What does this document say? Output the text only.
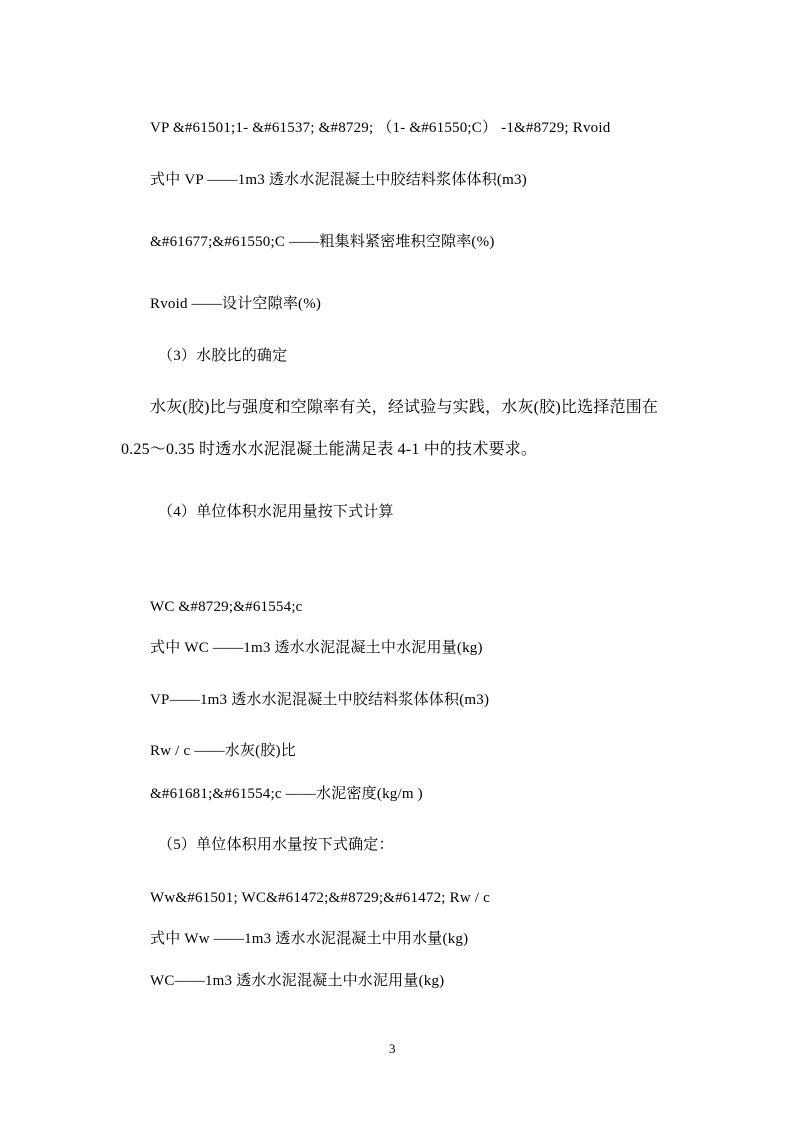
VP &#61501;1- &#61537; &#8729; （1- &#61550;C） -1&#8729; Rvoid
式中 VP ——1m3 透水水泥混凝土中胶结料浆体体积(m3)
&#61677;&#61550;C ——粗集料紧密堆积空隙率(%)
Rvoid ——设计空隙率(%)
（3）水胶比的确定
水灰(胶)比与强度和空隙率有关，经试验与实践，水灰(胶)比选择范围在
0.25～0.35 时透水水泥混凝土能满足表 4-1 中的技术要求。
（4）单位体积水泥用量按下式计算
WC &#8729;&#61554;c
式中 WC ——1m3 透水水泥混凝土中水泥用量(kg)
VP——1m3 透水水泥混凝土中胶结料浆体体积(m3)
Rw / c ——水灰(胶)比
&#61681;&#61554;c ——水泥密度(kg/m )
（5）单位体积用水量按下式确定：
Ww&#61501; WC&#61472;&#8729;&#61472; Rw / c
式中 Ww ——1m3 透水水泥混凝土中用水量(kg)
WC——1m3 透水水泥混凝土中水泥用量(kg)
3
